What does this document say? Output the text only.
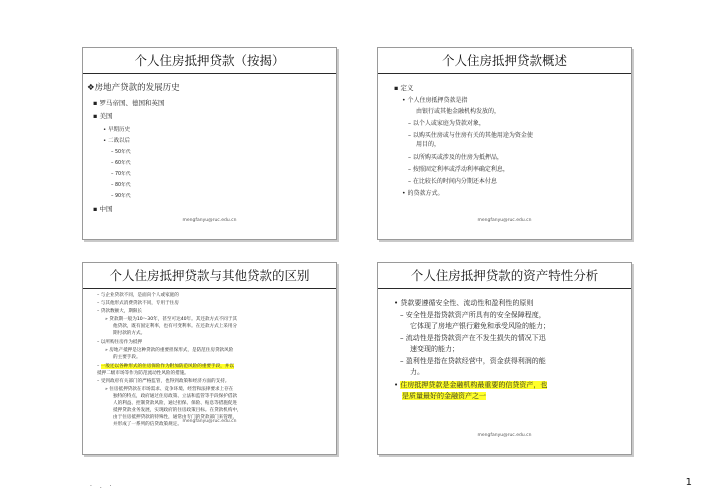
个人住房抵押贷款（按揭）
❖房地产贷款的发展历史
▪ 罗马帝国、德国和英国
▪ 美国
• 早期历史
• 二战以后
– 50年代
– 60年代
– 70年代
– 80年代
– 90年代
▪ 中国
mengfanyu@ruc.edu.cn
个人住房抵押贷款概述
▪ 定义
• 个人住房抵押贷款是指
由银行或其他金融机构发放的，
– 以个人或家庭为贷款对象，
– 以购买住房或与住房有关的其他用途为资金使
用目的，
– 以所购买或涉及的住房为抵押品，
– 按照固定利率或浮动利率确定利息，
– 在比较长的时间内分期还本付息
• 的贷款方式。
mengfanyu@ruc.edu.cn
个人住房抵押贷款与其他贷款的区别
– 与企业贷款不同，是面向个人或家庭的
– 与其他形式消费贷款不同，专用于住房
– 贷款数额大，期限长
» 贷款期一般为10～30年，甚至可达40年。其还款方式不同于其
他贷款，既有固定利率，也有可变利率。在还款方式上采用分
期付款的方式。
– 以所购住房作为抵押
» 房地产抵押是这种贷款的重要担保形式，是防范住房贷款风险
的主要手段。
– 一般还以各种形式的住房保险作为附加防范风险的重要手段，并以
抵押二级市场等作为防范流动性风险的措施。
– 受到政府有关部门的严格监管，也得到政策和经济方面的支持。
» 住房抵押贷款在市场需求、竞争环境、经营和法律要求上存在
独特的特点，政府通过住房政策、立法和监管等手段保护借款
人的利益、控制贷款风险，通过担保、保险、贴息等措施促进
抵押贷款业务发展，实现政府的住房政策目标。在贷款机构中，
由于住房抵押贷款的特殊性，通常由专门的贷款部门来管理，
并形成了一系列的信贷政策规定。
mengfanyu@ruc.edu.cn
个人住房抵押贷款的资产特性分析
• 贷款要遵循安全性、流动性和盈利性的原则
– 安全性是指贷款资产所具有的安全保障程度，
它体现了房地产银行避免和承受风险的能力；
– 流动性是指贷款资产在不发生损失的情况下迅
速变现的能力；
– 盈利性是指在贷款经营中，资金获得利润的能
力。
• 住房抵押贷款是金融机构最重要的信贷资产，也
是质量最好的金融资产之一
mengfanyu@ruc.edu.cn
· . ·	1
